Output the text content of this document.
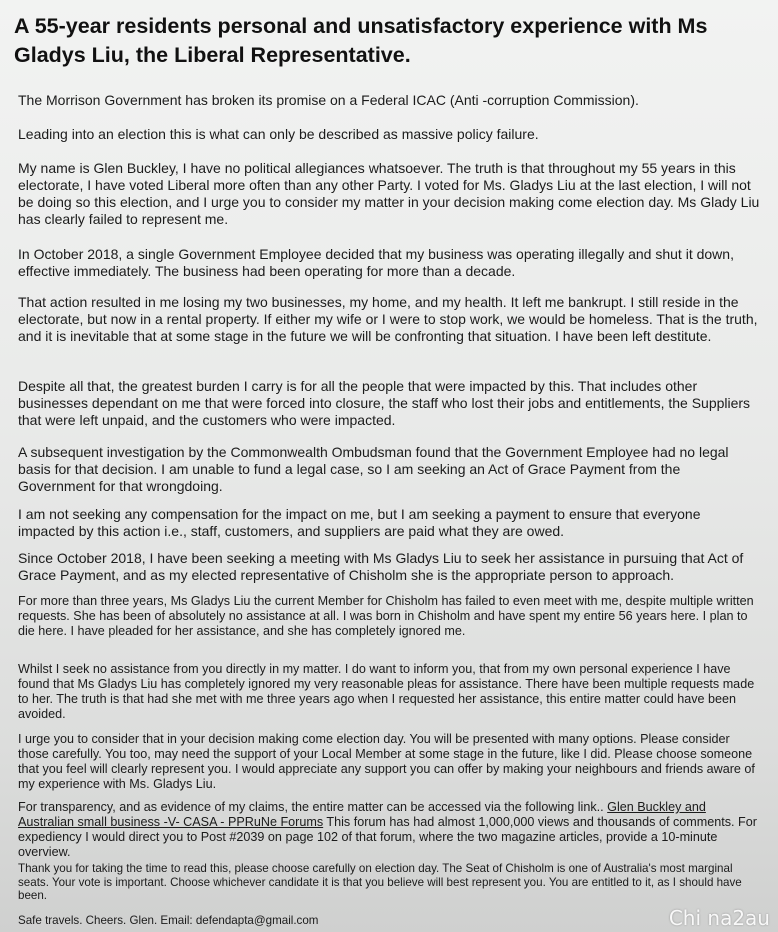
A 55-year residents personal and unsatisfactory experience with Ms Gladys Liu, the Liberal Representative.

The Morrison Government has broken its promise on a Federal ICAC (Anti -corruption Commission).

Leading into an election this is what can only be described as massive policy failure.

My name is Glen Buckley, I have no political allegiances whatsoever. The truth is that throughout my 55 years in this electorate, I have voted Liberal more often than any other Party. I voted for Ms. Gladys Liu at the last election, I will not be doing so this election, and I urge you to consider my matter in your decision making come election day. Ms Glady Liu has clearly failed to represent me.

In October 2018, a single Government Employee decided that my business was operating illegally and shut it down, effective immediately. The business had been operating for more than a decade.

That action resulted in me losing my two businesses, my home, and my health. It left me bankrupt. I still reside in the electorate, but now in a rental property. If either my wife or I were to stop work, we would be homeless. That is the truth, and it is inevitable that at some stage in the future we will be confronting that situation. I have been left destitute.

Despite all that, the greatest burden I carry is for all the people that were impacted by this. That includes other businesses dependant on me that were forced into closure, the staff who lost their jobs and entitlements, the Suppliers that were left unpaid, and the customers who were impacted.

A subsequent investigation by the Commonwealth Ombudsman found that the Government Employee had no legal basis for that decision. I am unable to fund a legal case, so I am seeking an Act of Grace Payment from the Government for that wrongdoing.

I am not seeking any compensation for the impact on me, but I am seeking a payment to ensure that everyone impacted by this action i.e., staff, customers, and suppliers are paid what they are owed.

Since October 2018, I have been seeking a meeting with Ms Gladys Liu to seek her assistance in pursuing that Act of Grace Payment, and as my elected representative of Chisholm she is the appropriate person to approach.

For more than three years, Ms Gladys Liu the current Member for Chisholm has failed to even meet with me, despite multiple written requests. She has been of absolutely no assistance at all. I was born in Chisholm and have spent my entire 56 years here. I plan to die here. I have pleaded for her assistance, and she has completely ignored me.

Whilst I seek no assistance from you directly in my matter. I do want to inform you, that from my own personal experience I have found that Ms Gladys Liu has completely ignored my very reasonable pleas for assistance. There have been multiple requests made to her. The truth is that had she met with me three years ago when I requested her assistance, this entire matter could have been avoided.

I urge you to consider that in your decision making come election day. You will be presented with many options. Please consider those carefully. You too, may need the support of your Local Member at some stage in the future, like I did. Please choose someone that you feel will clearly represent you. I would appreciate any support you can offer by making your neighbours and friends aware of my experience with Ms. Gladys Liu.

For transparency, and as evidence of my claims, the entire matter can be accessed via the following link.. Glen Buckley and Australian small business -V- CASA - PPRuNe Forums This forum has had almost 1,000,000 views and thousands of comments. For expediency I would direct you to Post #2039 on page 102 of that forum, where the two magazine articles, provide a 10-minute overview.

Thank you for taking the time to read this, please choose carefully on election day. The Seat of Chisholm is one of Australia's most marginal seats. Your vote is important. Choose whichever candidate it is that you believe will best represent you. You are entitled to it, as I should have been.

Safe travels. Cheers. Glen. Email: defendapta@gmail.com	Chi na2au
